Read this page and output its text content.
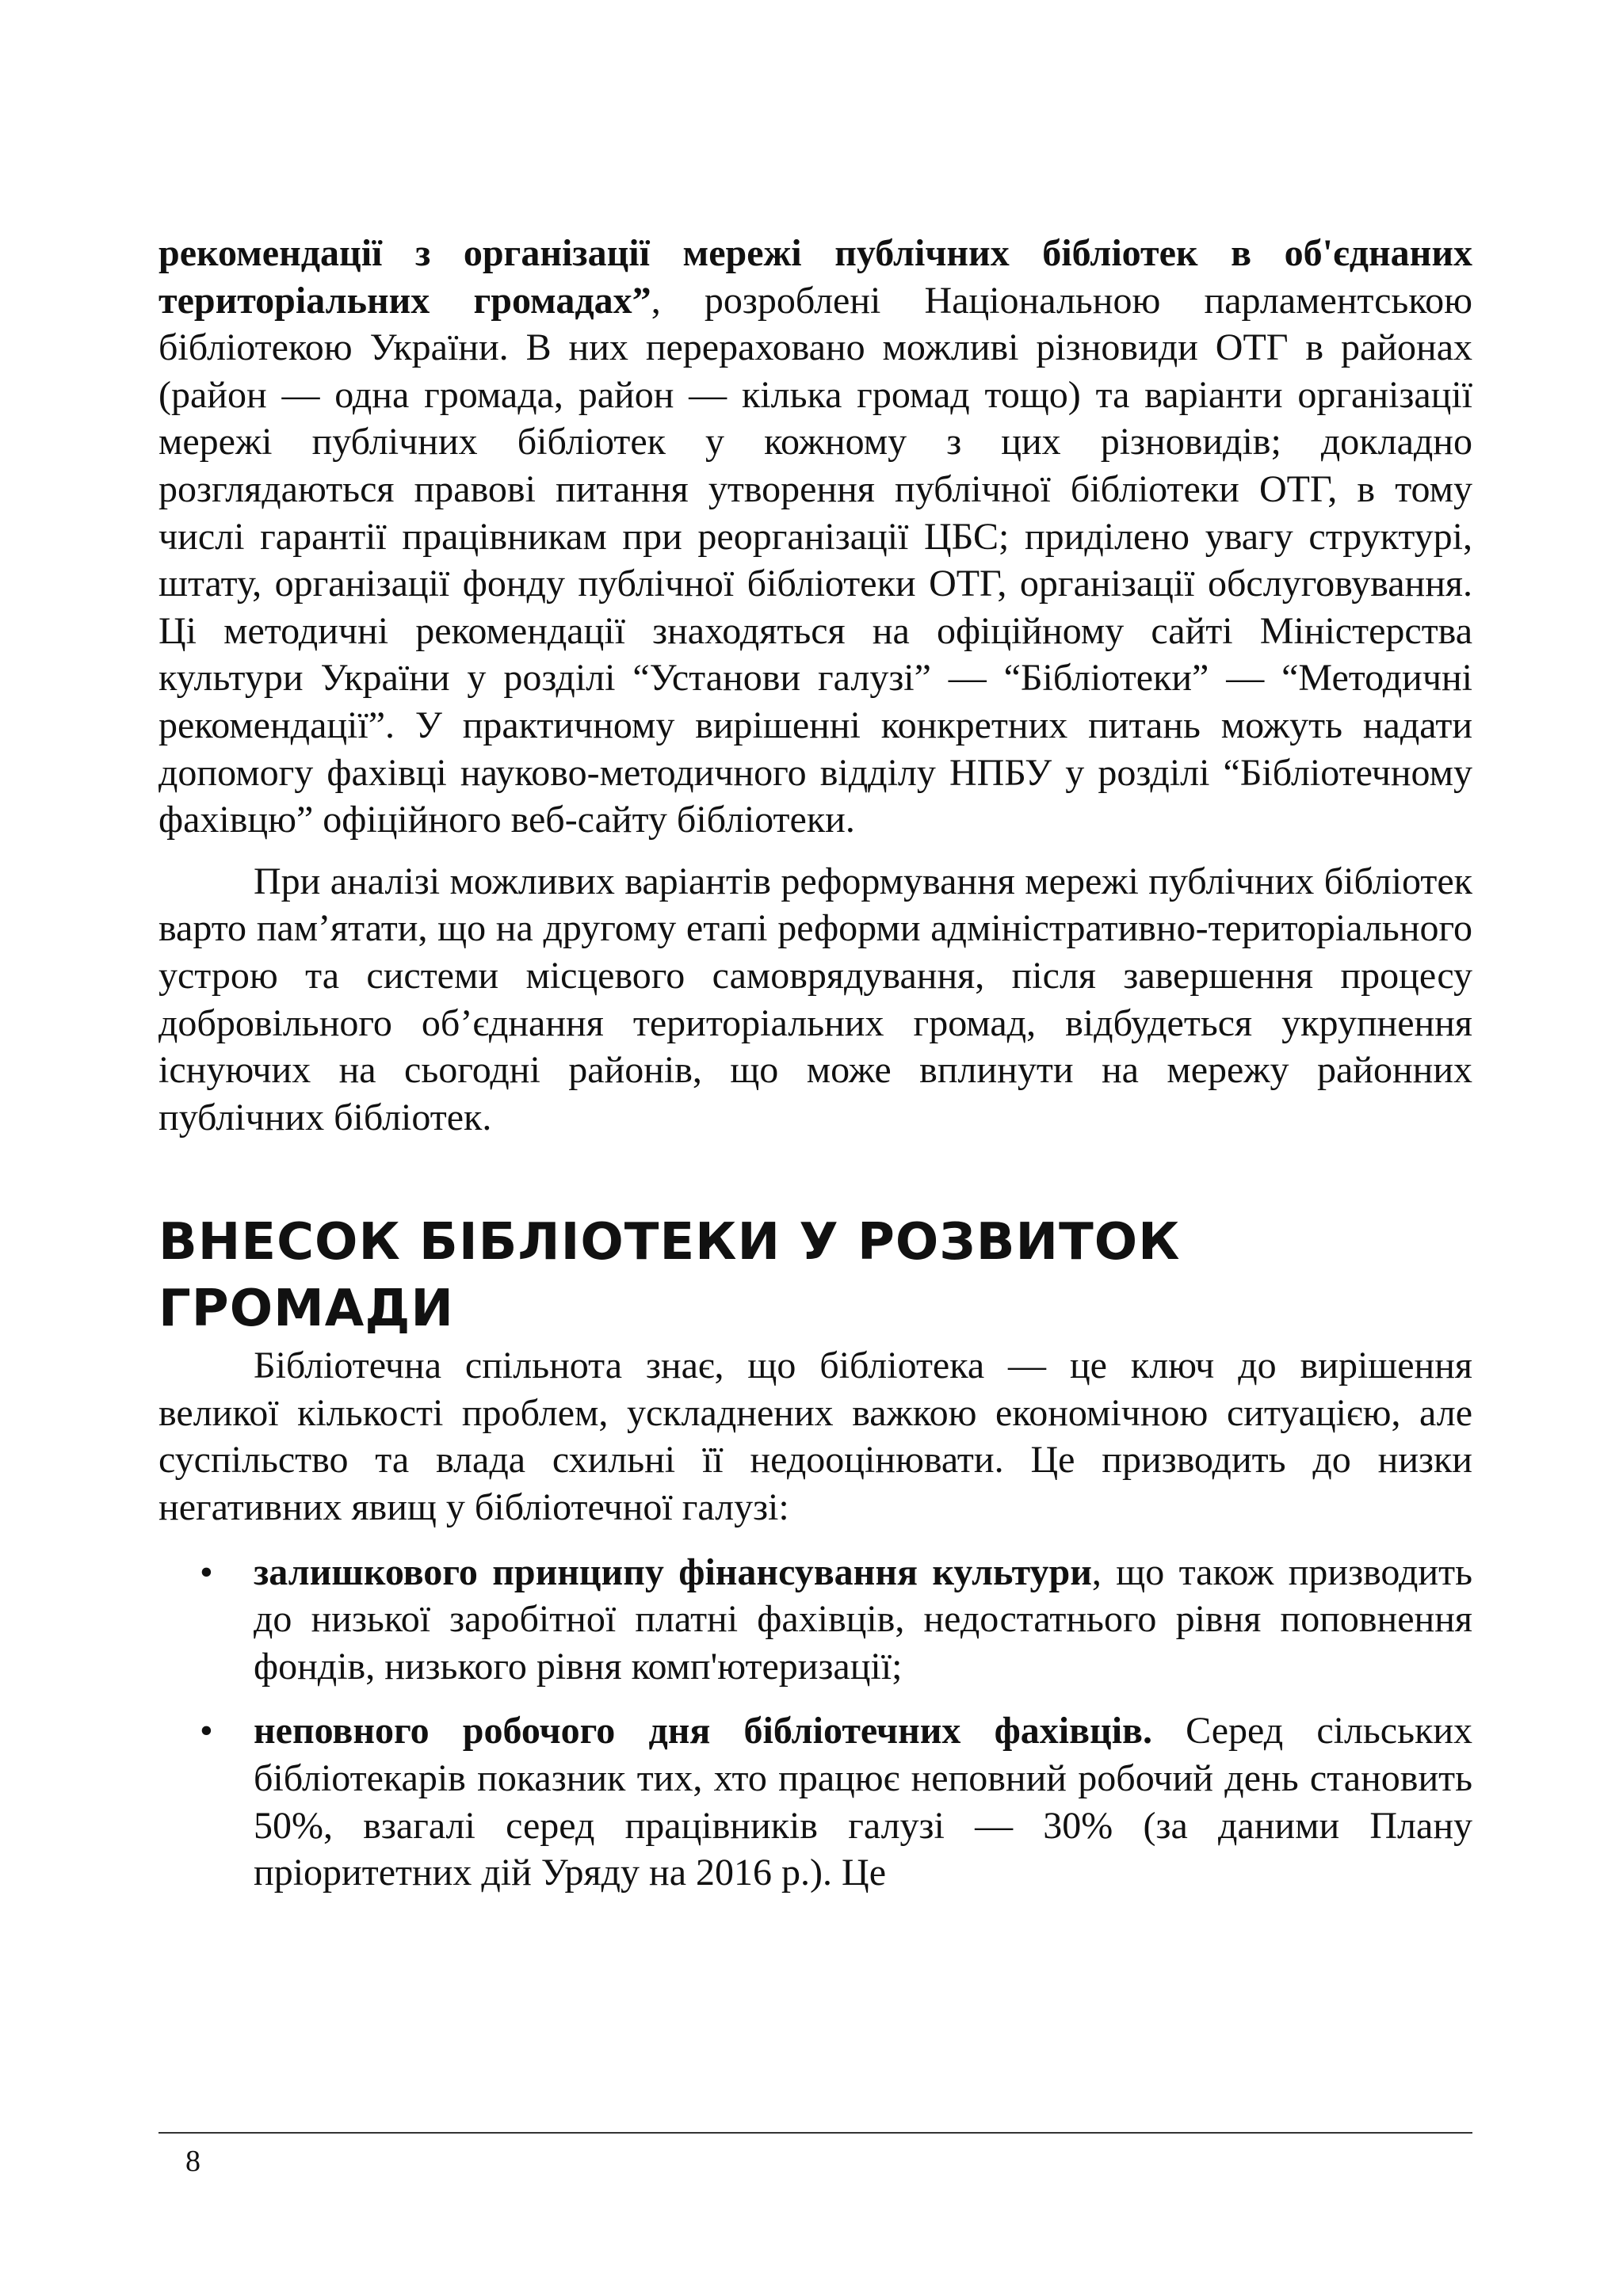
рекомендації з організації мережі публічних бібліотек в об'єднаних територіальних громадах”, розроблені Національною парламентською бібліотекою України. В них перераховано можливі різновиди ОТГ в районах (район — одна громада, район — кілька громад тощо) та варіанти організації мережі публічних бібліотек у кожному з цих різновидів; докладно розглядаються правові питання утворення публічної бібліотеки ОТГ, в тому числі гарантії працівникам при реорганізації ЦБС; приділено увагу структурі, штату, організації фонду публічної бібліотеки ОТГ, організації обслуговування. Ці методичні рекомендації знаходяться на офіційному сайті Міністерства культури України у розділі “Установи галузі” — “Бібліотеки” — “Методичні рекомендації”. У практичному вирішенні конкретних питань можуть надати допомогу фахівці науково-методичного відділу НПБУ у розділі “Бібліотечному фахівцю” офіційного веб-сайту бібліотеки.

При аналізі можливих варіантів реформування мережі публічних бібліотек варто пам’ятати, що на другому етапі реформи адміністративно-територіального устрою та системи місцевого самоврядування, після завершення процесу добровільного об’єднання територіальних громад, відбудеться укрупнення існуючих на сьогодні районів, що може вплинути на мережу районних публічних бібліотек.

ВНЕСОК БІБЛІОТЕКИ У РОЗВИТОК ГРОМАДИ

Бібліотечна спільнота знає, що бібліотека — це ключ до вирішення великої кількості проблем, ускладнених важкою економічною ситуацією, але суспільство та влада схильні її недооцінювати. Це призводить до низки негативних явищ у бібліотечної галузі:

• залишкового принципу фінансування культури, що також призводить до низької заробітної платні фахівців, недостатнього рівня поповнення фондів, низького рівня комп'ютеризації;

• неповного робочого дня бібліотечних фахівців. Серед сільських бібліотекарів показник тих, хто працює неповний робочий день становить 50%, взагалі серед працівників галузі — 30% (за даними Плану пріоритетних дій Уряду на 2016 р.). Це

8
